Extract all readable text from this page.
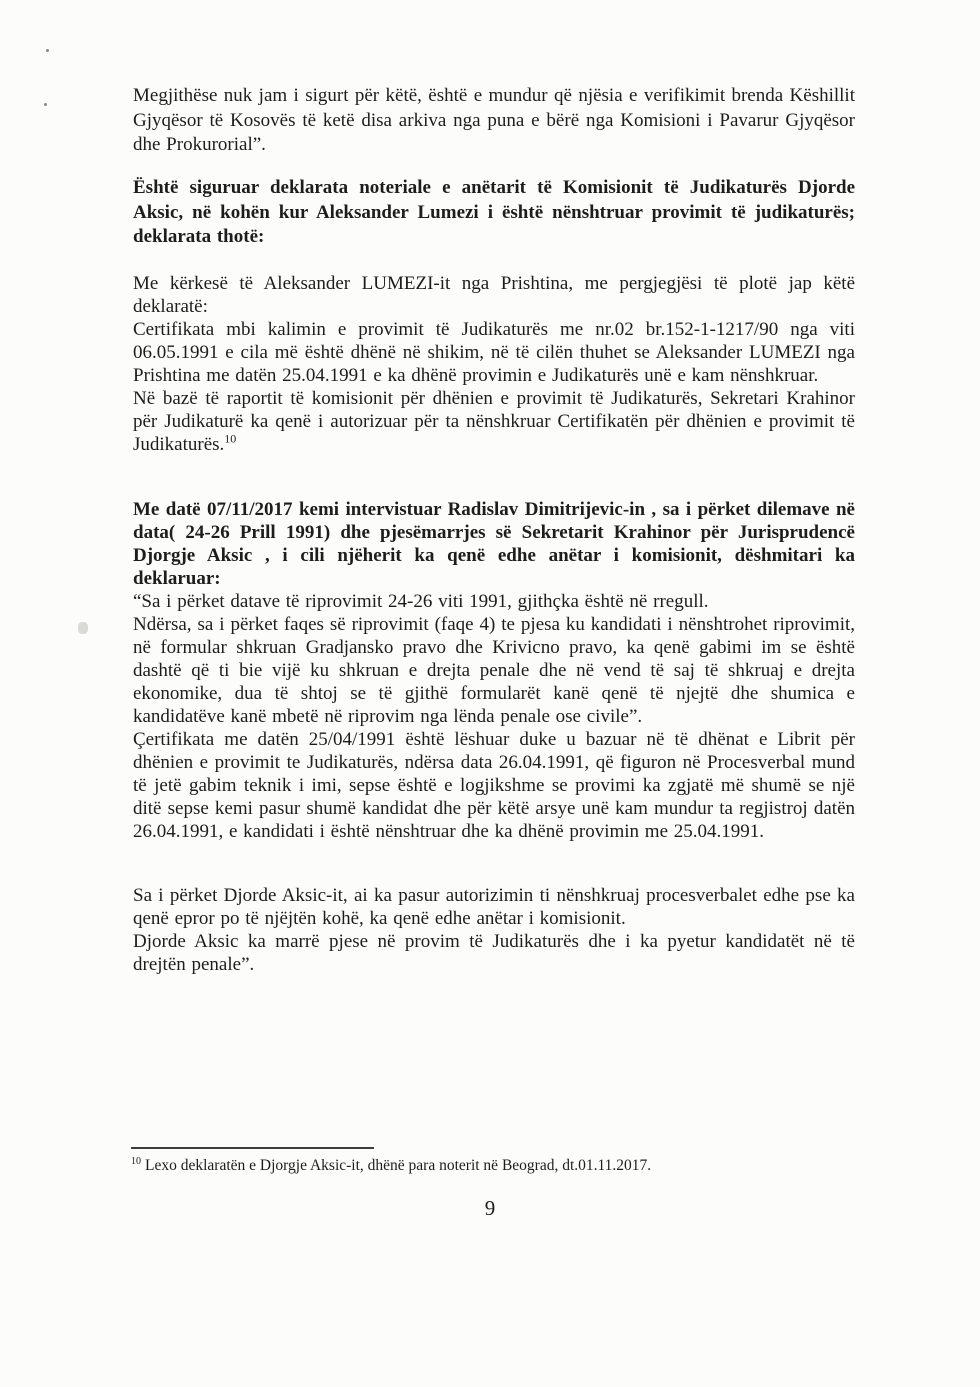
Megjithëse nuk jam i sigurt për këtë, është e mundur që njësia e verifikimit brenda Këshillit Gjyqësor të Kosovës të ketë disa arkiva nga puna e bërë nga Komisioni i Pavarur Gjyqësor dhe Prokurorial”.

Është siguruar deklarata noteriale e anëtarit të Komisionit të Judikaturës Djorde Aksic, në kohën kur Aleksander Lumezi i është nënshtruar provimit të judikaturës; deklarata thotë:

Me kërkesë të Aleksander LUMEZI-it nga Prishtina, me pergjegjësi të plotë jap këtë deklaratë:

Certifikata mbi kalimin e provimit të Judikaturës me nr.02 br.152-1-1217/90 nga viti 06.05.1991 e cila më është dhënë në shikim, në të cilën thuhet se Aleksander LUMEZI nga Prishtina me datën 25.04.1991 e ka dhënë provimin e Judikaturës unë e kam nënshkruar.

Në bazë të raportit të komisionit për dhënien e provimit të Judikaturës, Sekretari Krahinor për Judikaturë ka qenë i autorizuar për ta nënshkruar Certifikatën për dhënien e provimit të Judikaturës.$^{10}$

Me datë 07/11/2017 kemi intervistuar Radislav Dimitrijevic-in , sa i përket dilemave në data( 24-26 Prill 1991) dhe pjesëmarrjes së Sekretarit Krahinor për Jurisprudencë Djorgje Aksic , i cili njëherit ka qenë edhe anëtar i komisionit, dëshmitari ka deklaruar:

“Sa i përket datave të riprovimit 24-26 viti 1991, gjithçka është në rregull.

Ndërsa, sa i përket faqes së riprovimit (faqe 4) te pjesa ku kandidati i nënshtrohet riprovimit, në formular shkruan Gradjansko pravo dhe Krivicno pravo, ka qenë gabimi im se është dashtë që ti bie vijë ku shkruan e drejta penale dhe në vend të saj të shkruaj e drejta ekonomike, dua të shtoj se të gjithë formularët kanë qenë të njejtë dhe shumica e kandidatëve kanë mbetë në riprovim nga lënda penale ose civile”.

Çertifikata me datën 25/04/1991 është lëshuar duke u bazuar në të dhënat e Librit për dhënien e provimit te Judikaturës, ndërsa data 26.04.1991, që figuron në Procesverbal mund të jetë gabim teknik i imi, sepse është e logjikshme se provimi ka zgjatë më shumë se një ditë sepse kemi pasur shumë kandidat dhe për këtë arsye unë kam mundur ta regjistroj datën 26.04.1991, e kandidati i është nënshtruar dhe ka dhënë provimin me 25.04.1991.

Sa i përket Djorde Aksic-it, ai ka pasur autorizimin ti nënshkruaj procesverbalet edhe pse ka qenë epror po të njëjtën kohë, ka qenë edhe anëtar i komisionit.

Djorde Aksic ka marrë pjese në provim të Judikaturës dhe i ka pyetur kandidatët në të drejtën penale”.

$^{10}$ Lexo deklaratën e Djorgje Aksic-it, dhënë para noterit në Beograd, dt.01.11.2017.
9
